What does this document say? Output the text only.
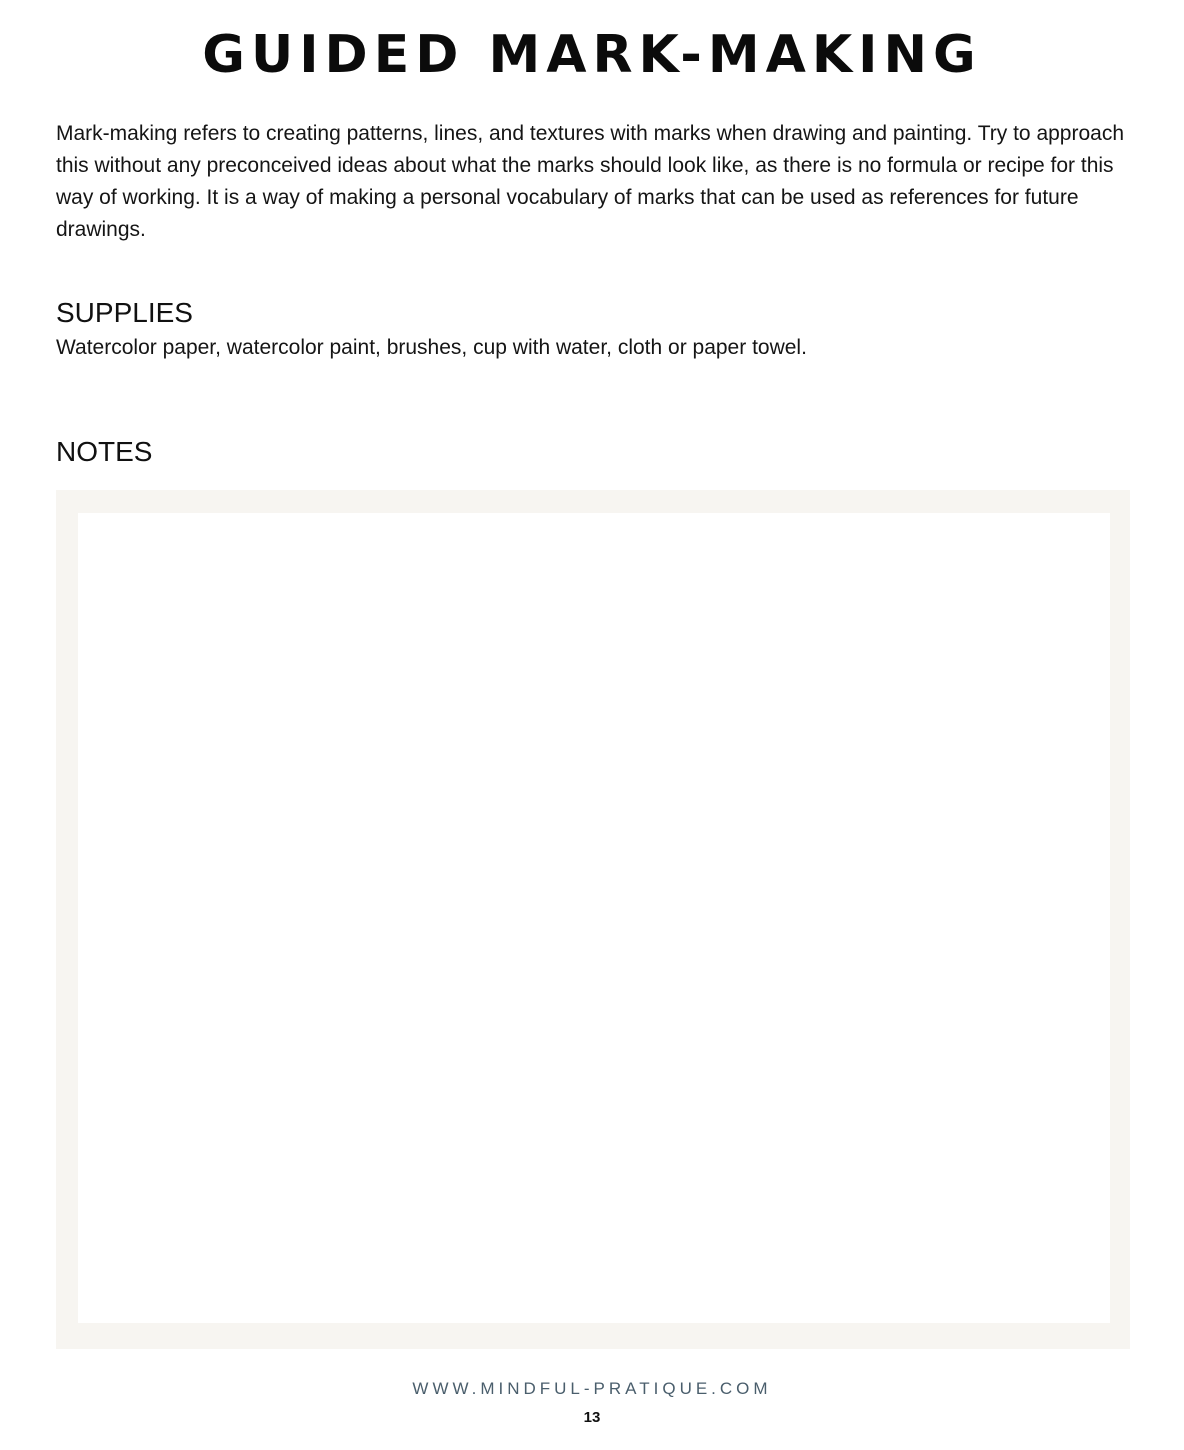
GUIDED MARK-MAKING

Mark-making refers to creating patterns, lines, and textures with marks when drawing and painting. Try to approach this without any preconceived ideas about what the marks should look like, as there is no formula or recipe for this way of working. It is a way of making a personal vocabulary of marks that can be used as references for future drawings.

SUPPLIES

Watercolor paper, watercolor paint, brushes, cup with water, cloth or paper towel.

NOTES
WWW.MINDFUL-PRATIQUE.COM
13
